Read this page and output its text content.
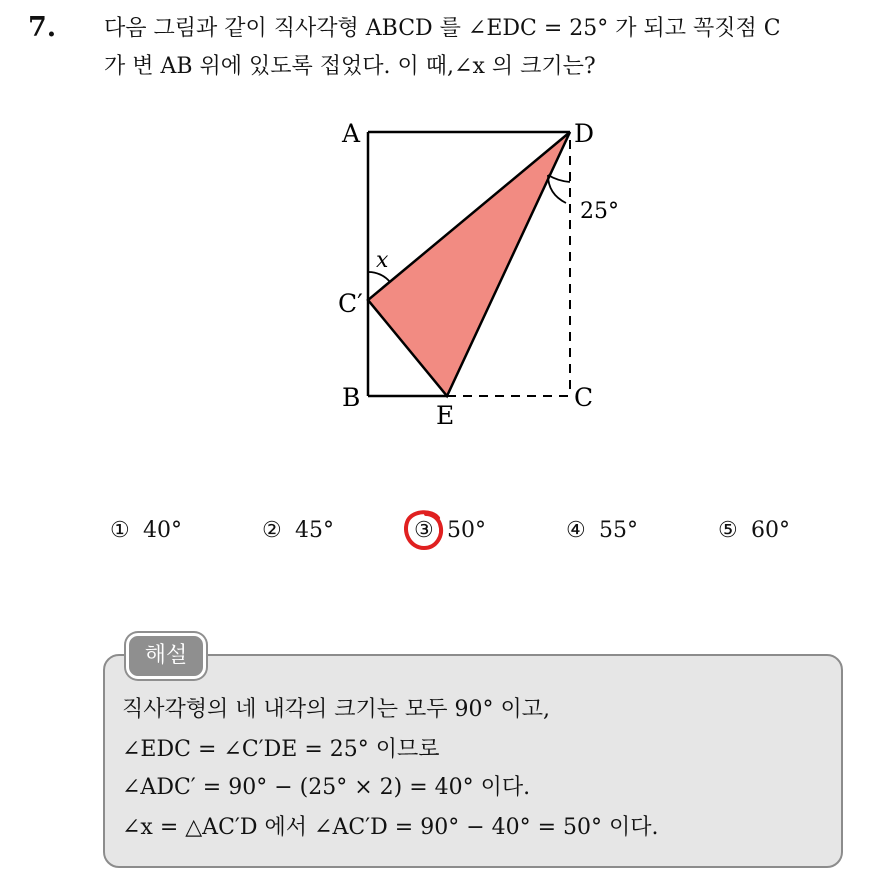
7. 다음 그림과 같이 직사각형 ABCD 를 ∠EDC = 25° 가 되고 꼭짓점 C
가 변 AB 위에 있도록 접었다. 이 때,∠x 의 크기는?
A	D
25°
x
C′
B
E
C
① 40°	② 45°	③ 50°	④ 55°	⑤ 60°
해설
직사각형의 네 내각의 크기는 모두 90° 이고,
∠EDC = ∠C′DE = 25° 이므로
∠ADC′ = 90° − (25° × 2) = 40° 이다.
∠x = △AC′D 에서 ∠AC′D = 90° − 40° = 50° 이다.
